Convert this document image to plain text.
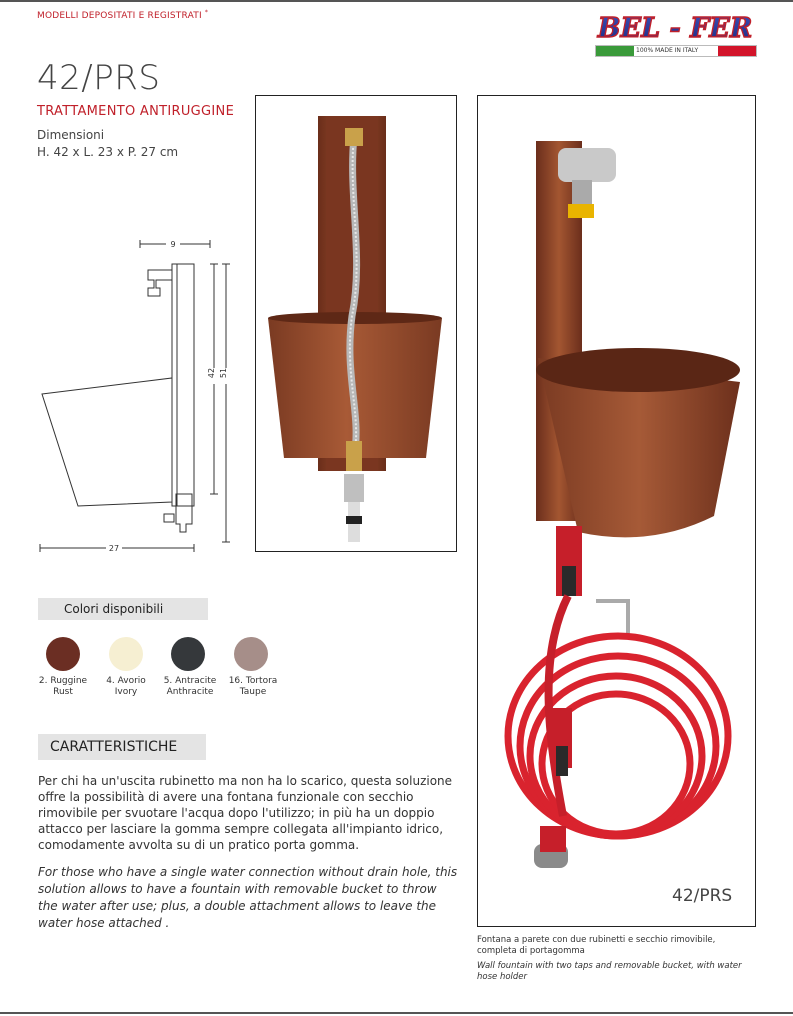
MODELLI DEPOSITATI E REGISTRATI *
BEL - FER
100% MADE IN ITALY
42/PRS
TRATTAMENTO ANTIRUGGINE
Dimensioni
H. 42 x L. 23 x P. 27 cm
9
42 51
27
42/PRS
Colori disponibili
2. Ruggine
Rust
4. Avorio
Ivory
5. Antracite
Anthracite
16. Tortora
Taupe
CARATTERISTICHE
Per chi ha un'uscita rubinetto ma non ha lo scarico, questa soluzione offre la possibilità di avere una fontana funzionale con secchio rimovibile per svuotare l'acqua dopo l'utilizzo; in più ha un doppio attacco per lasciare la gomma sempre collegata all'impianto idrico, comodamente avvolta su di un pratico porta gomma.
For those who have a single water connection without drain hole, this solution allows to have a fountain with removable bucket to throw the water after use; plus, a double attachment allows to leave the water hose attached .
Fontana a parete con due rubinetti e secchio rimovibile, completa di portagomma
Wall fountain with two taps and removable bucket, with water hose holder
